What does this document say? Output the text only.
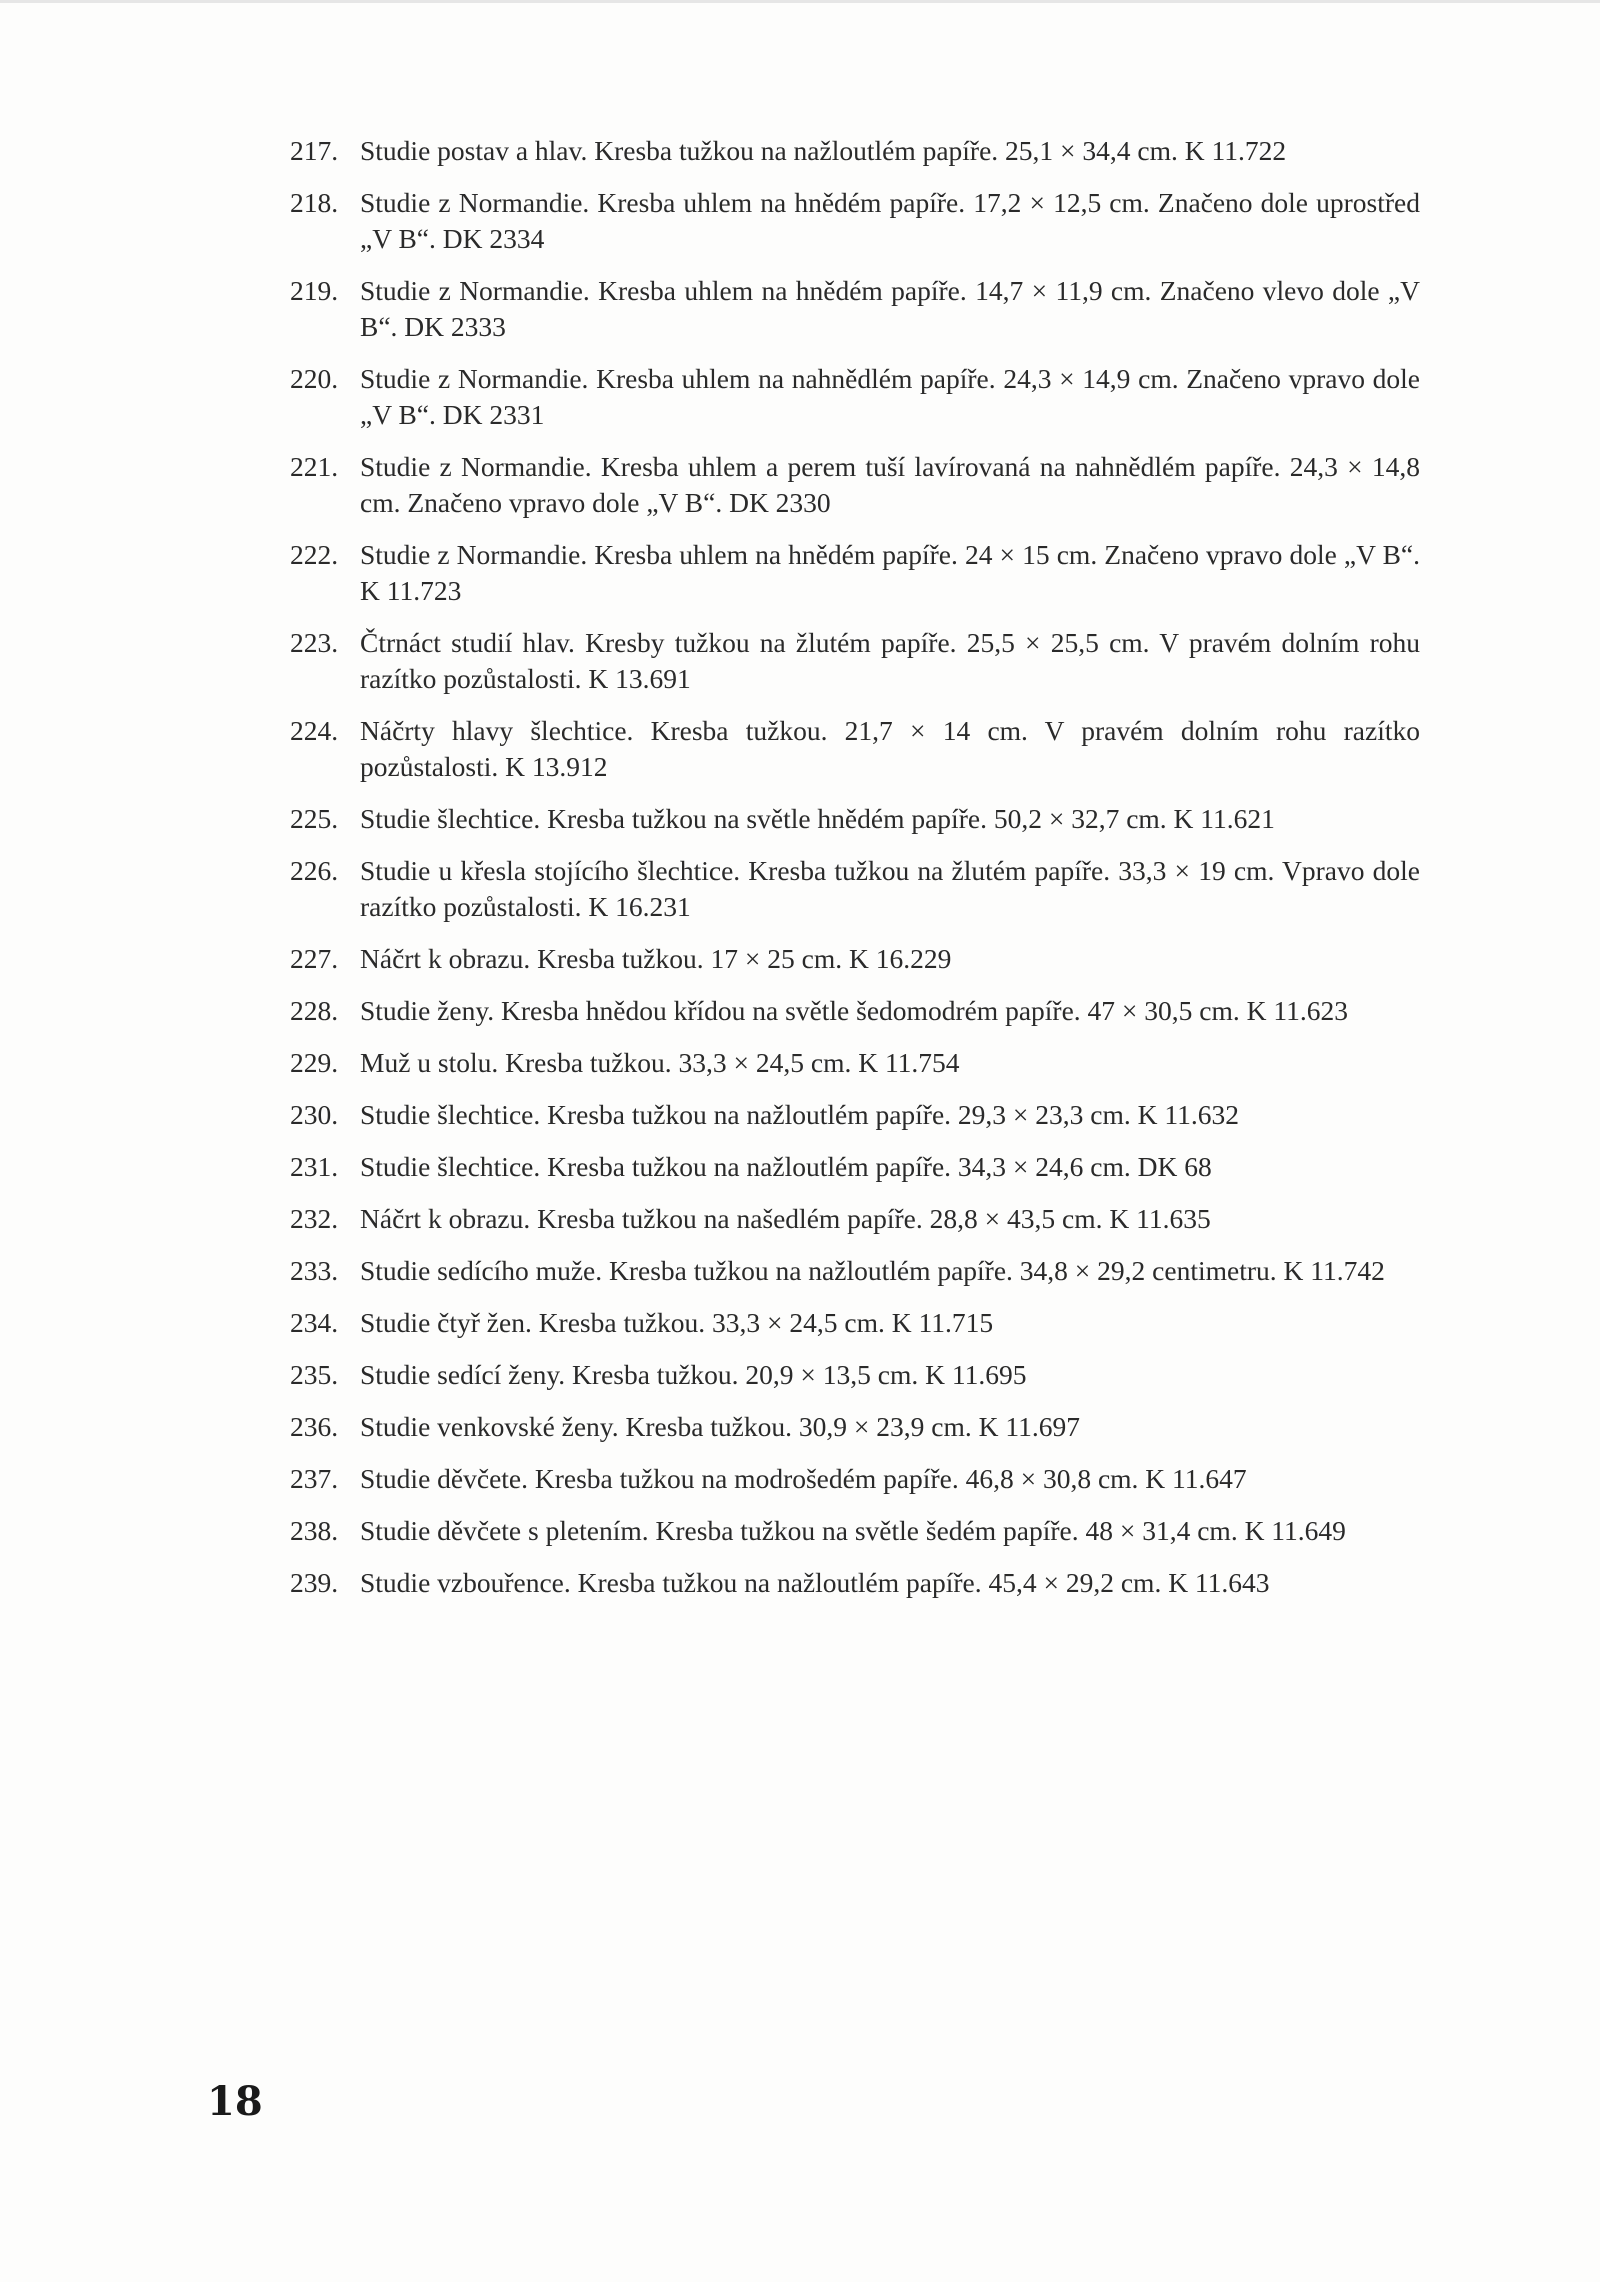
217. Studie postav a hlav. Kresba tužkou na nažloutlém papíře. 25,1 × 34,4 cm. K 11.722
218. Studie z Normandie. Kresba uhlem na hnědém papíře. 17,2 × 12,5 cm. Značeno dole uprostřed „V B“. DK 2334
219. Studie z Normandie. Kresba uhlem na hnědém papíře. 14,7 × 11,9 cm. Značeno vlevo dole „V B“. DK 2333
220. Studie z Normandie. Kresba uhlem na nahnědlém papíře. 24,3 × 14,9 cm. Značeno vpravo dole „V B“. DK 2331
221. Studie z Normandie. Kresba uhlem a perem tuší lavírovaná na nahnědlém papíře. 24,3 × 14,8 cm. Značeno vpravo dole „V B“. DK 2330
222. Studie z Normandie. Kresba uhlem na hnědém papíře. 24 × 15 cm. Značeno vpravo dole „V B“. K 11.723
223. Čtrnáct studií hlav. Kresby tužkou na žlutém papíře. 25,5 × 25,5 cm. V pravém dolním rohu razítko pozůstalosti. K 13.691
224. Náčrty hlavy šlechtice. Kresba tužkou. 21,7 × 14 cm. V pravém dolním rohu razítko pozůstalosti. K 13.912
225. Studie šlechtice. Kresba tužkou na světle hnědém papíře. 50,2 × 32,7 cm. K 11.621
226. Studie u křesla stojícího šlechtice. Kresba tužkou na žlutém papíře. 33,3 × 19 cm. Vpravo dole razítko pozůstalosti. K 16.231
227. Náčrt k obrazu. Kresba tužkou. 17 × 25 cm. K 16.229
228. Studie ženy. Kresba hnědou křídou na světle šedomodrém papíře. 47 × 30,5 cm. K 11.623
229. Muž u stolu. Kresba tužkou. 33,3 × 24,5 cm. K 11.754
230. Studie šlechtice. Kresba tužkou na nažloutlém papíře. 29,3 × 23,3 cm. K 11.632
231. Studie šlechtice. Kresba tužkou na nažloutlém papíře. 34,3 × 24,6 cm. DK 68
232. Náčrt k obrazu. Kresba tužkou na našedlém papíře. 28,8 × 43,5 cm. K 11.635
233. Studie sedícího muže. Kresba tužkou na nažloutlém papíře. 34,8 × 29,2 centimetru. K 11.742
234. Studie čtyř žen. Kresba tužkou. 33,3 × 24,5 cm. K 11.715
235. Studie sedící ženy. Kresba tužkou. 20,9 × 13,5 cm. K 11.695
236. Studie venkovské ženy. Kresba tužkou. 30,9 × 23,9 cm. K 11.697
237. Studie děvčete. Kresba tužkou na modrošedém papíře. 46,8 × 30,8 cm. K 11.647
238. Studie děvčete s pletením. Kresba tužkou na světle šedém papíře. 48 × 31,4 cm. K 11.649
239. Studie vzbouřence. Kresba tužkou na nažloutlém papíře. 45,4 × 29,2 cm. K 11.643
18
